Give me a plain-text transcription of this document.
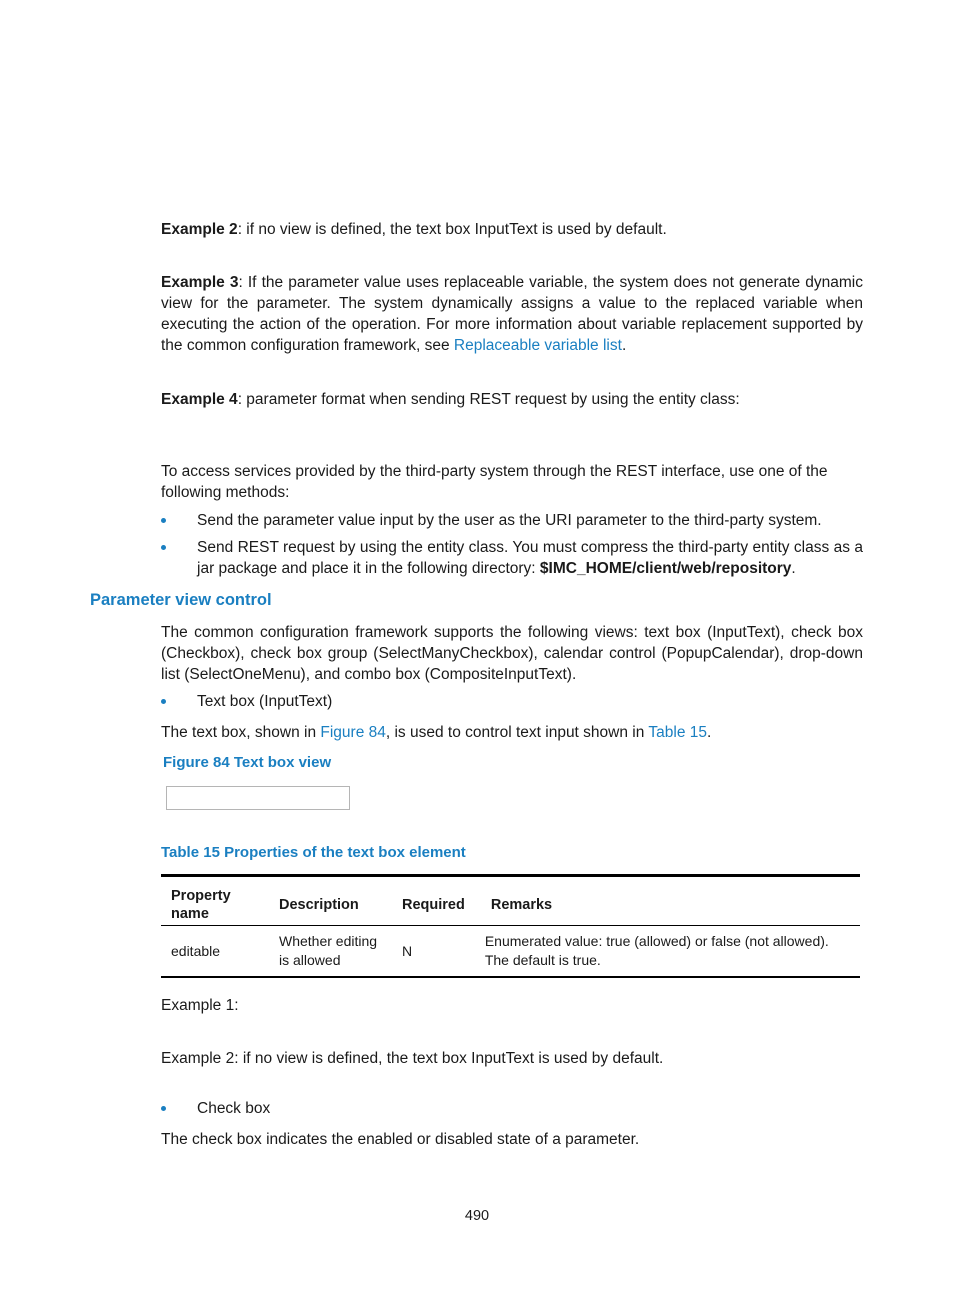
Example 2: if no view is defined, the text box InputText is used by default.

Example 3: If the parameter value uses replaceable variable, the system does not generate dynamic view for the parameter. The system dynamically assigns a value to the replaced variable when executing the action of the operation. For more information about variable replacement supported by the common configuration framework, see Replaceable variable list.

Example 4: parameter format when sending REST request by using the entity class:

To access services provided by the third-party system through the REST interface, use one of the following methods:

Send the parameter value input by the user as the URI parameter to the third-party system.
Send REST request by using the entity class. You must compress the third-party entity class as a jar package and place it in the following directory: $IMC_HOME/client/web/repository.
Parameter view control

The common configuration framework supports the following views: text box (InputText), check box (Checkbox), check box group (SelectManyCheckbox), calendar control (PopupCalendar), drop-down list (SelectOneMenu), and combo box (CompositeInputText).

Text box (InputText)

The text box, shown in Figure 84, is used to control text input shown in Table 15.

Figure 84 Text box view

Table 15 Properties of the text box element

Property name	Description	Required	Remarks
editable	Whether editing is allowed	N	Enumerated value: true (allowed) or false (not allowed). The default is true.

Example 1:

Example 2: if no view is defined, the text box InputText is used by default.

Check box

The check box indicates the enabled or disabled state of a parameter.

490
